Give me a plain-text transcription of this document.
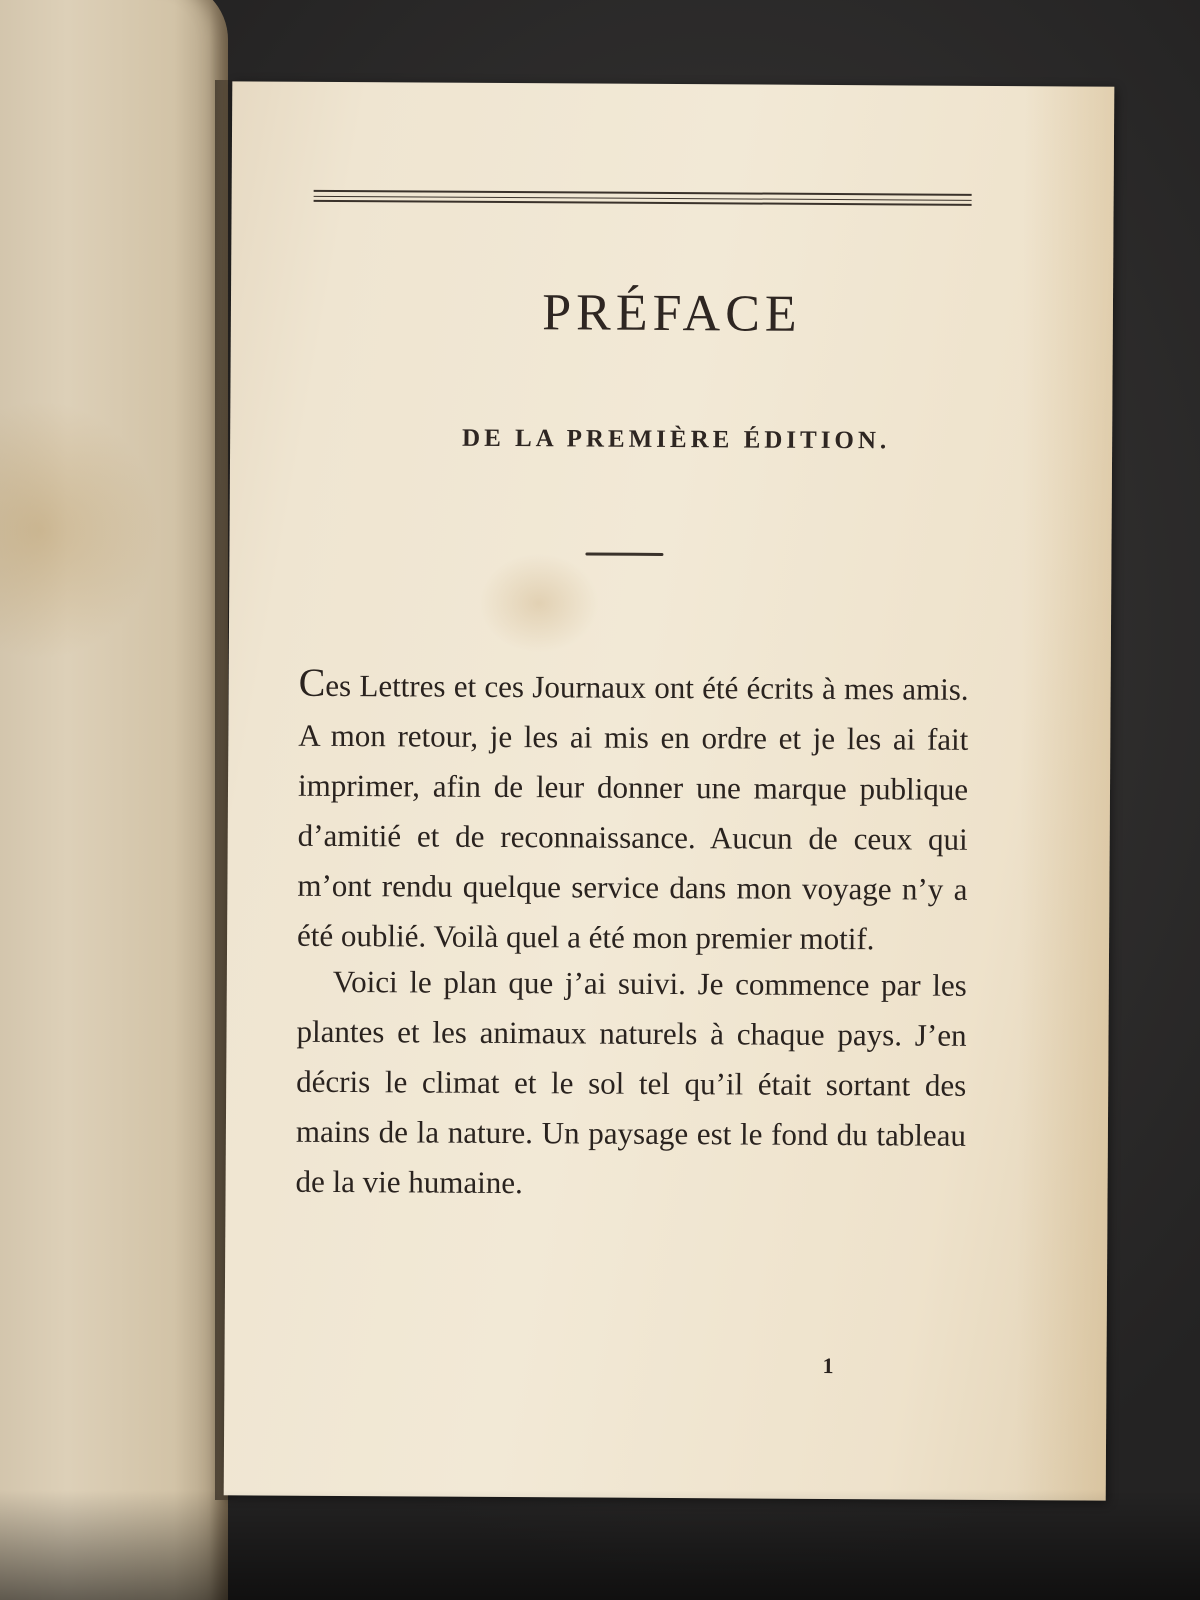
PRÉFACE
DE LA PREMIÈRE ÉDITION.

Ces Lettres et ces Journaux ont été écrits à mes amis. A mon retour, je les ai mis en ordre et je les ai fait imprimer, afin de leur donner une marque publique d’amitié et de reconnaissance. Aucun de ceux qui m’ont rendu quelque service dans mon voyage n’y a été oublié. Voilà quel a été mon premier motif.

Voici le plan que j’ai suivi. Je commence par les plantes et les animaux naturels à chaque pays. J’en décris le climat et le sol tel qu’il était sortant des mains de la nature. Un paysage est le fond du tableau de la vie humaine.

1
